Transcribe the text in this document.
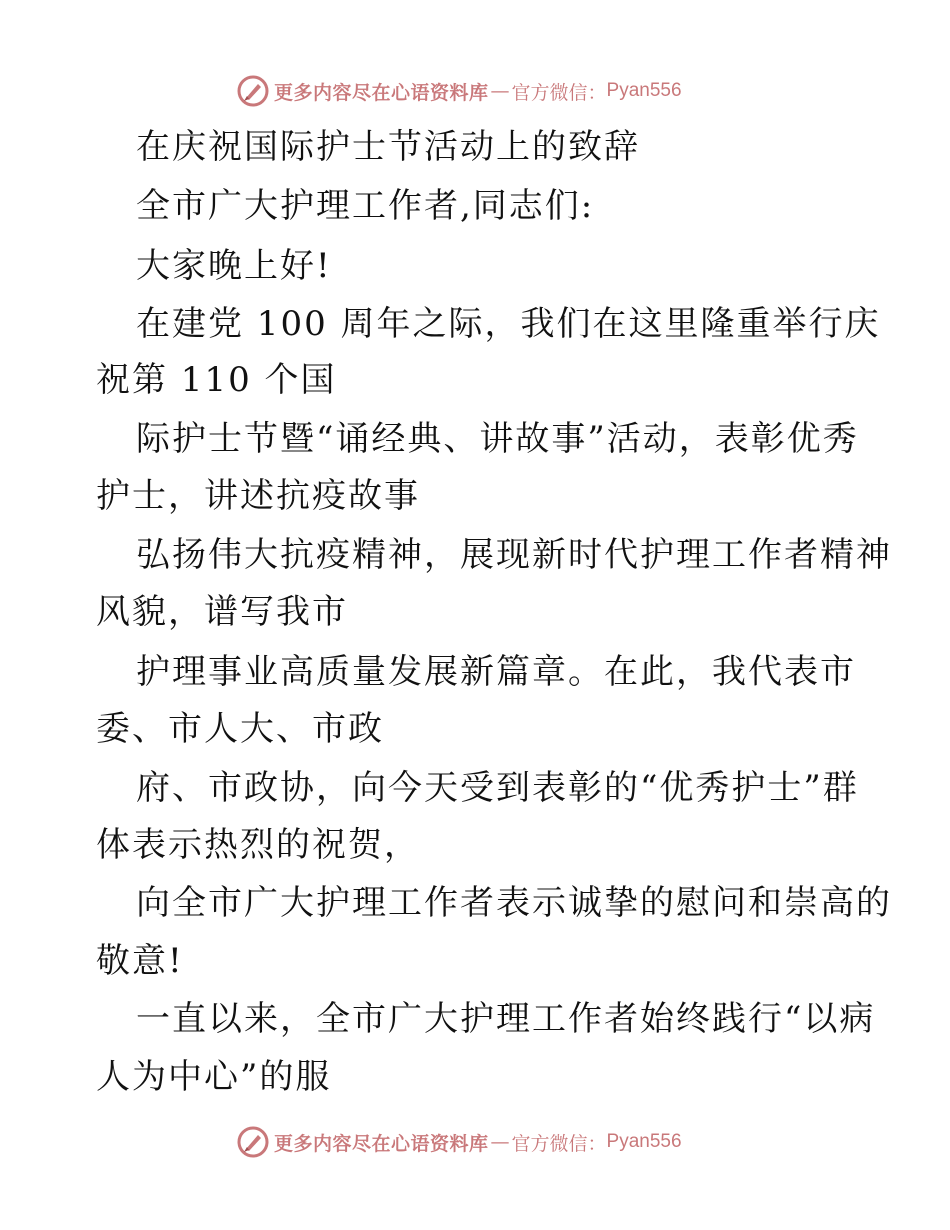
更多内容尽在心语资料库 — 官方微信： Pyan556
在庆祝国际护士节活动上的致辞
全市广大护理工作者,同志们:
大家晚上好!
在建党 100 周年之际，我们在这里隆重举行庆
祝第 110 个国
际护士节暨“诵经典、讲故事”活动，表彰优秀
护士，讲述抗疫故事
弘扬伟大抗疫精神，展现新时代护理工作者精神
风貌，谱写我市
护理事业高质量发展新篇章。在此，我代表市
委、市人大、市政
府、市政协，向今天受到表彰的“优秀护士”群
体表示热烈的祝贺，
向全市广大护理工作者表示诚挚的慰问和崇高的
敬意!
一直以来，全市广大护理工作者始终践行“以病
人为中心”的服
更多内容尽在心语资料库 — 官方微信： Pyan556
